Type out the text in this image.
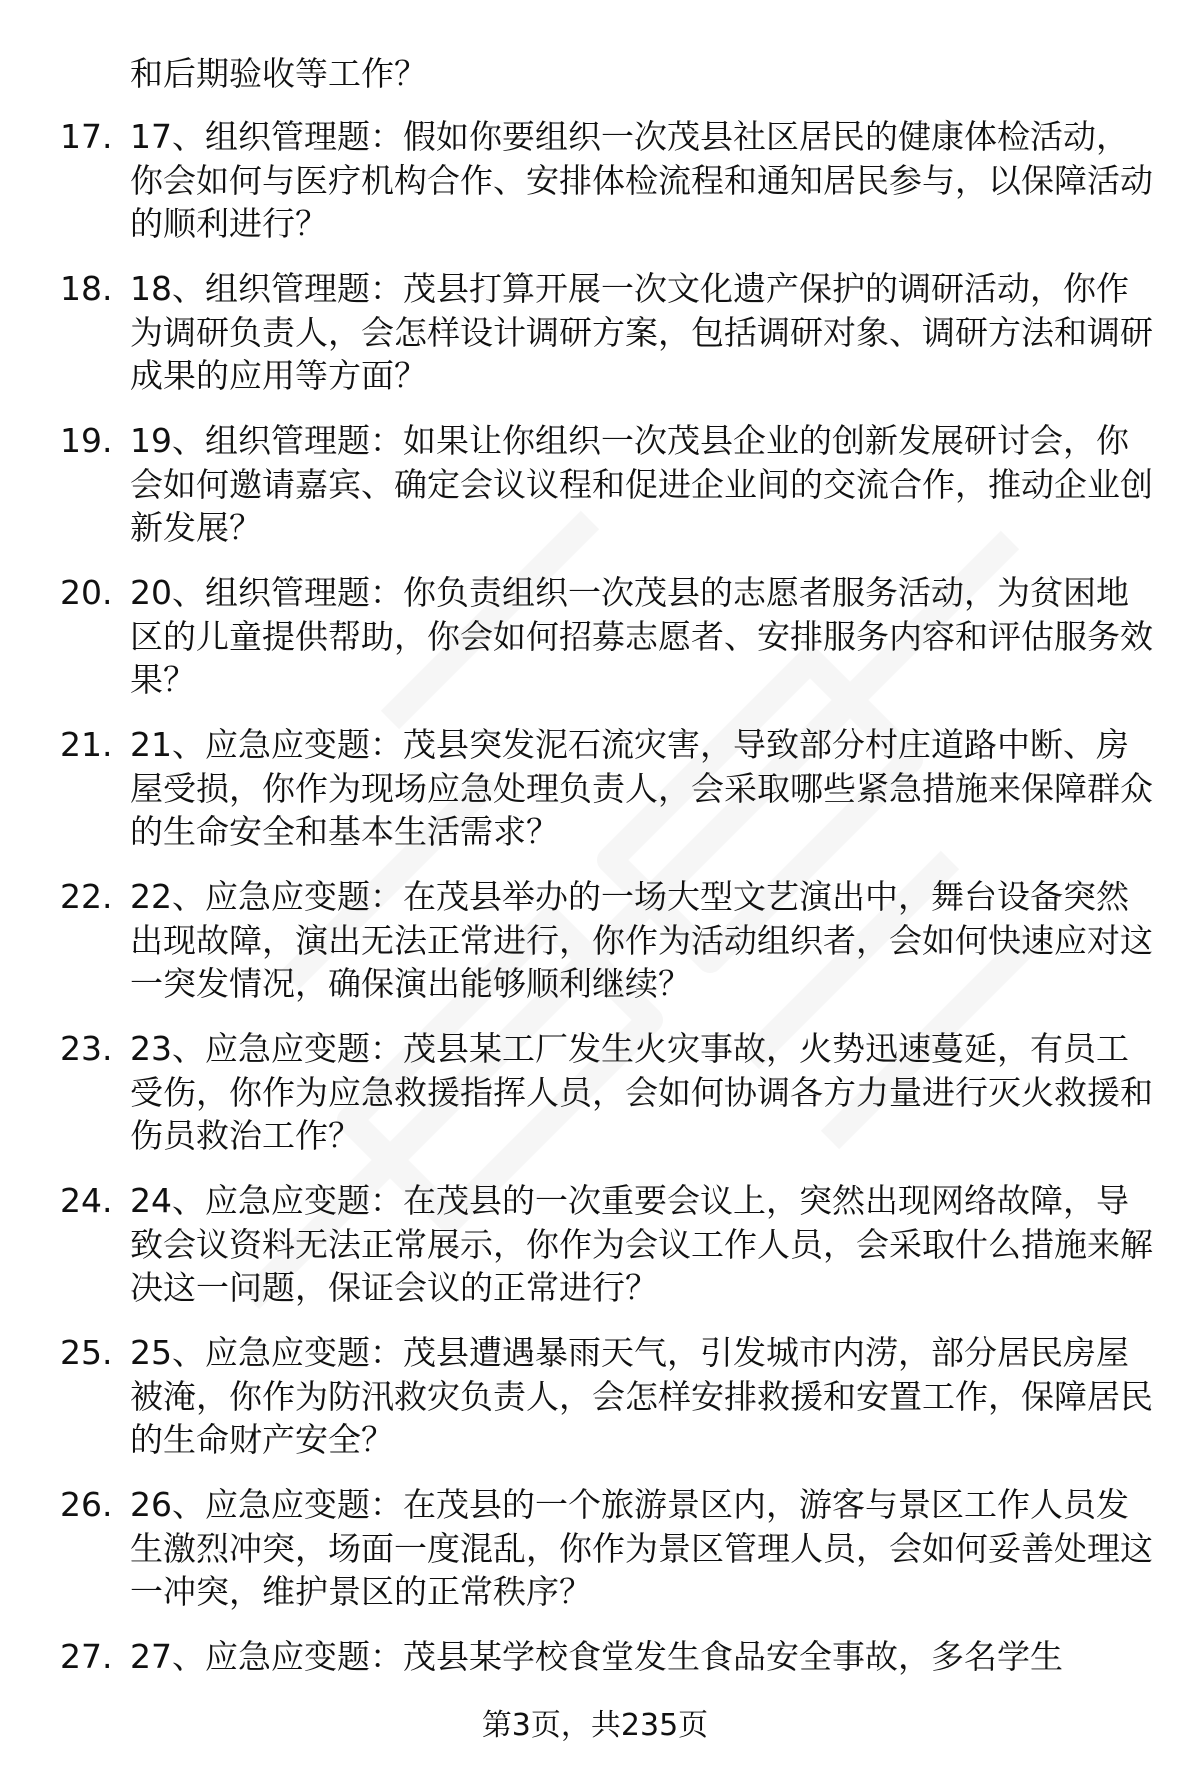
和后期验收等工作？
17. 17、组织管理题：假如你要组织一次茂县社区居民的健康体检活动，你会如何与医疗机构合作、安排体检流程和通知居民参与，以保障活动的顺利进行？
18. 18、组织管理题：茂县打算开展一次文化遗产保护的调研活动，你作为调研负责人，会怎样设计调研方案，包括调研对象、调研方法和调研成果的应用等方面？
19. 19、组织管理题：如果让你组织一次茂县企业的创新发展研讨会，你会如何邀请嘉宾、确定会议议程和促进企业间的交流合作，推动企业创新发展？
20. 20、组织管理题：你负责组织一次茂县的志愿者服务活动，为贫困地区的儿童提供帮助，你会如何招募志愿者、安排服务内容和评估服务效果？
21. 21、应急应变题：茂县突发泥石流灾害，导致部分村庄道路中断、房屋受损，你作为现场应急处理负责人，会采取哪些紧急措施来保障群众的生命安全和基本生活需求？
22. 22、应急应变题：在茂县举办的一场大型文艺演出中，舞台设备突然出现故障，演出无法正常进行，你作为活动组织者，会如何快速应对这一突发情况，确保演出能够顺利继续？
23. 23、应急应变题：茂县某工厂发生火灾事故，火势迅速蔓延，有员工受伤，你作为应急救援指挥人员，会如何协调各方力量进行灭火救援和伤员救治工作？
24. 24、应急应变题：在茂县的一次重要会议上，突然出现网络故障，导致会议资料无法正常展示，你作为会议工作人员，会采取什么措施来解决这一问题，保证会议的正常进行？
25. 25、应急应变题：茂县遭遇暴雨天气，引发城市内涝，部分居民房屋被淹，你作为防汛救灾负责人，会怎样安排救援和安置工作，保障居民的生命财产安全？
26. 26、应急应变题：在茂县的一个旅游景区内，游客与景区工作人员发生激烈冲突，场面一度混乱，你作为景区管理人员，会如何妥善处理这一冲突，维护景区的正常秩序？
27. 27、应急应变题：茂县某学校食堂发生食品安全事故，多名学生
第3页，共235页
